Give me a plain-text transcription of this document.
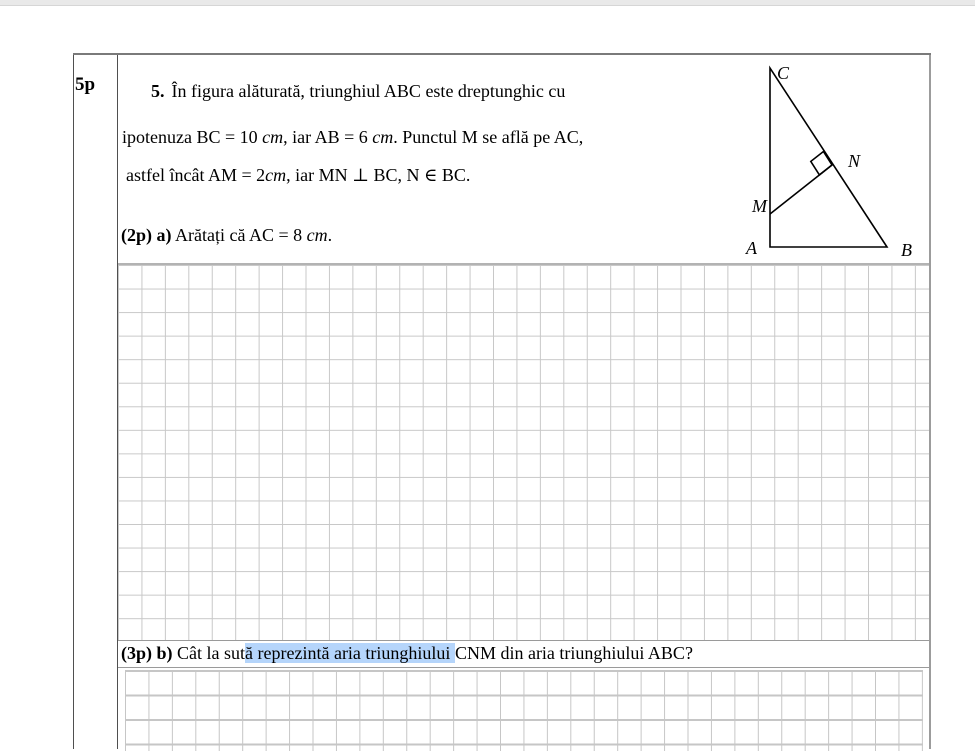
5p	5. În figura alăturată, triunghiul ABC este dreptunghic cu
ipotenuza BC = 10 cm, iar AB = 6 cm. Punctul M se află pe AC,
astfel încât AM = 2cm, iar MN ⊥ BC, N ∈ BC.
(2p) a) Arătați că AC = 8 cm.
C
N
M
A	B
(3p) b) Cât la sută reprezintă aria triunghiului CNM din aria triunghiului ABC?
